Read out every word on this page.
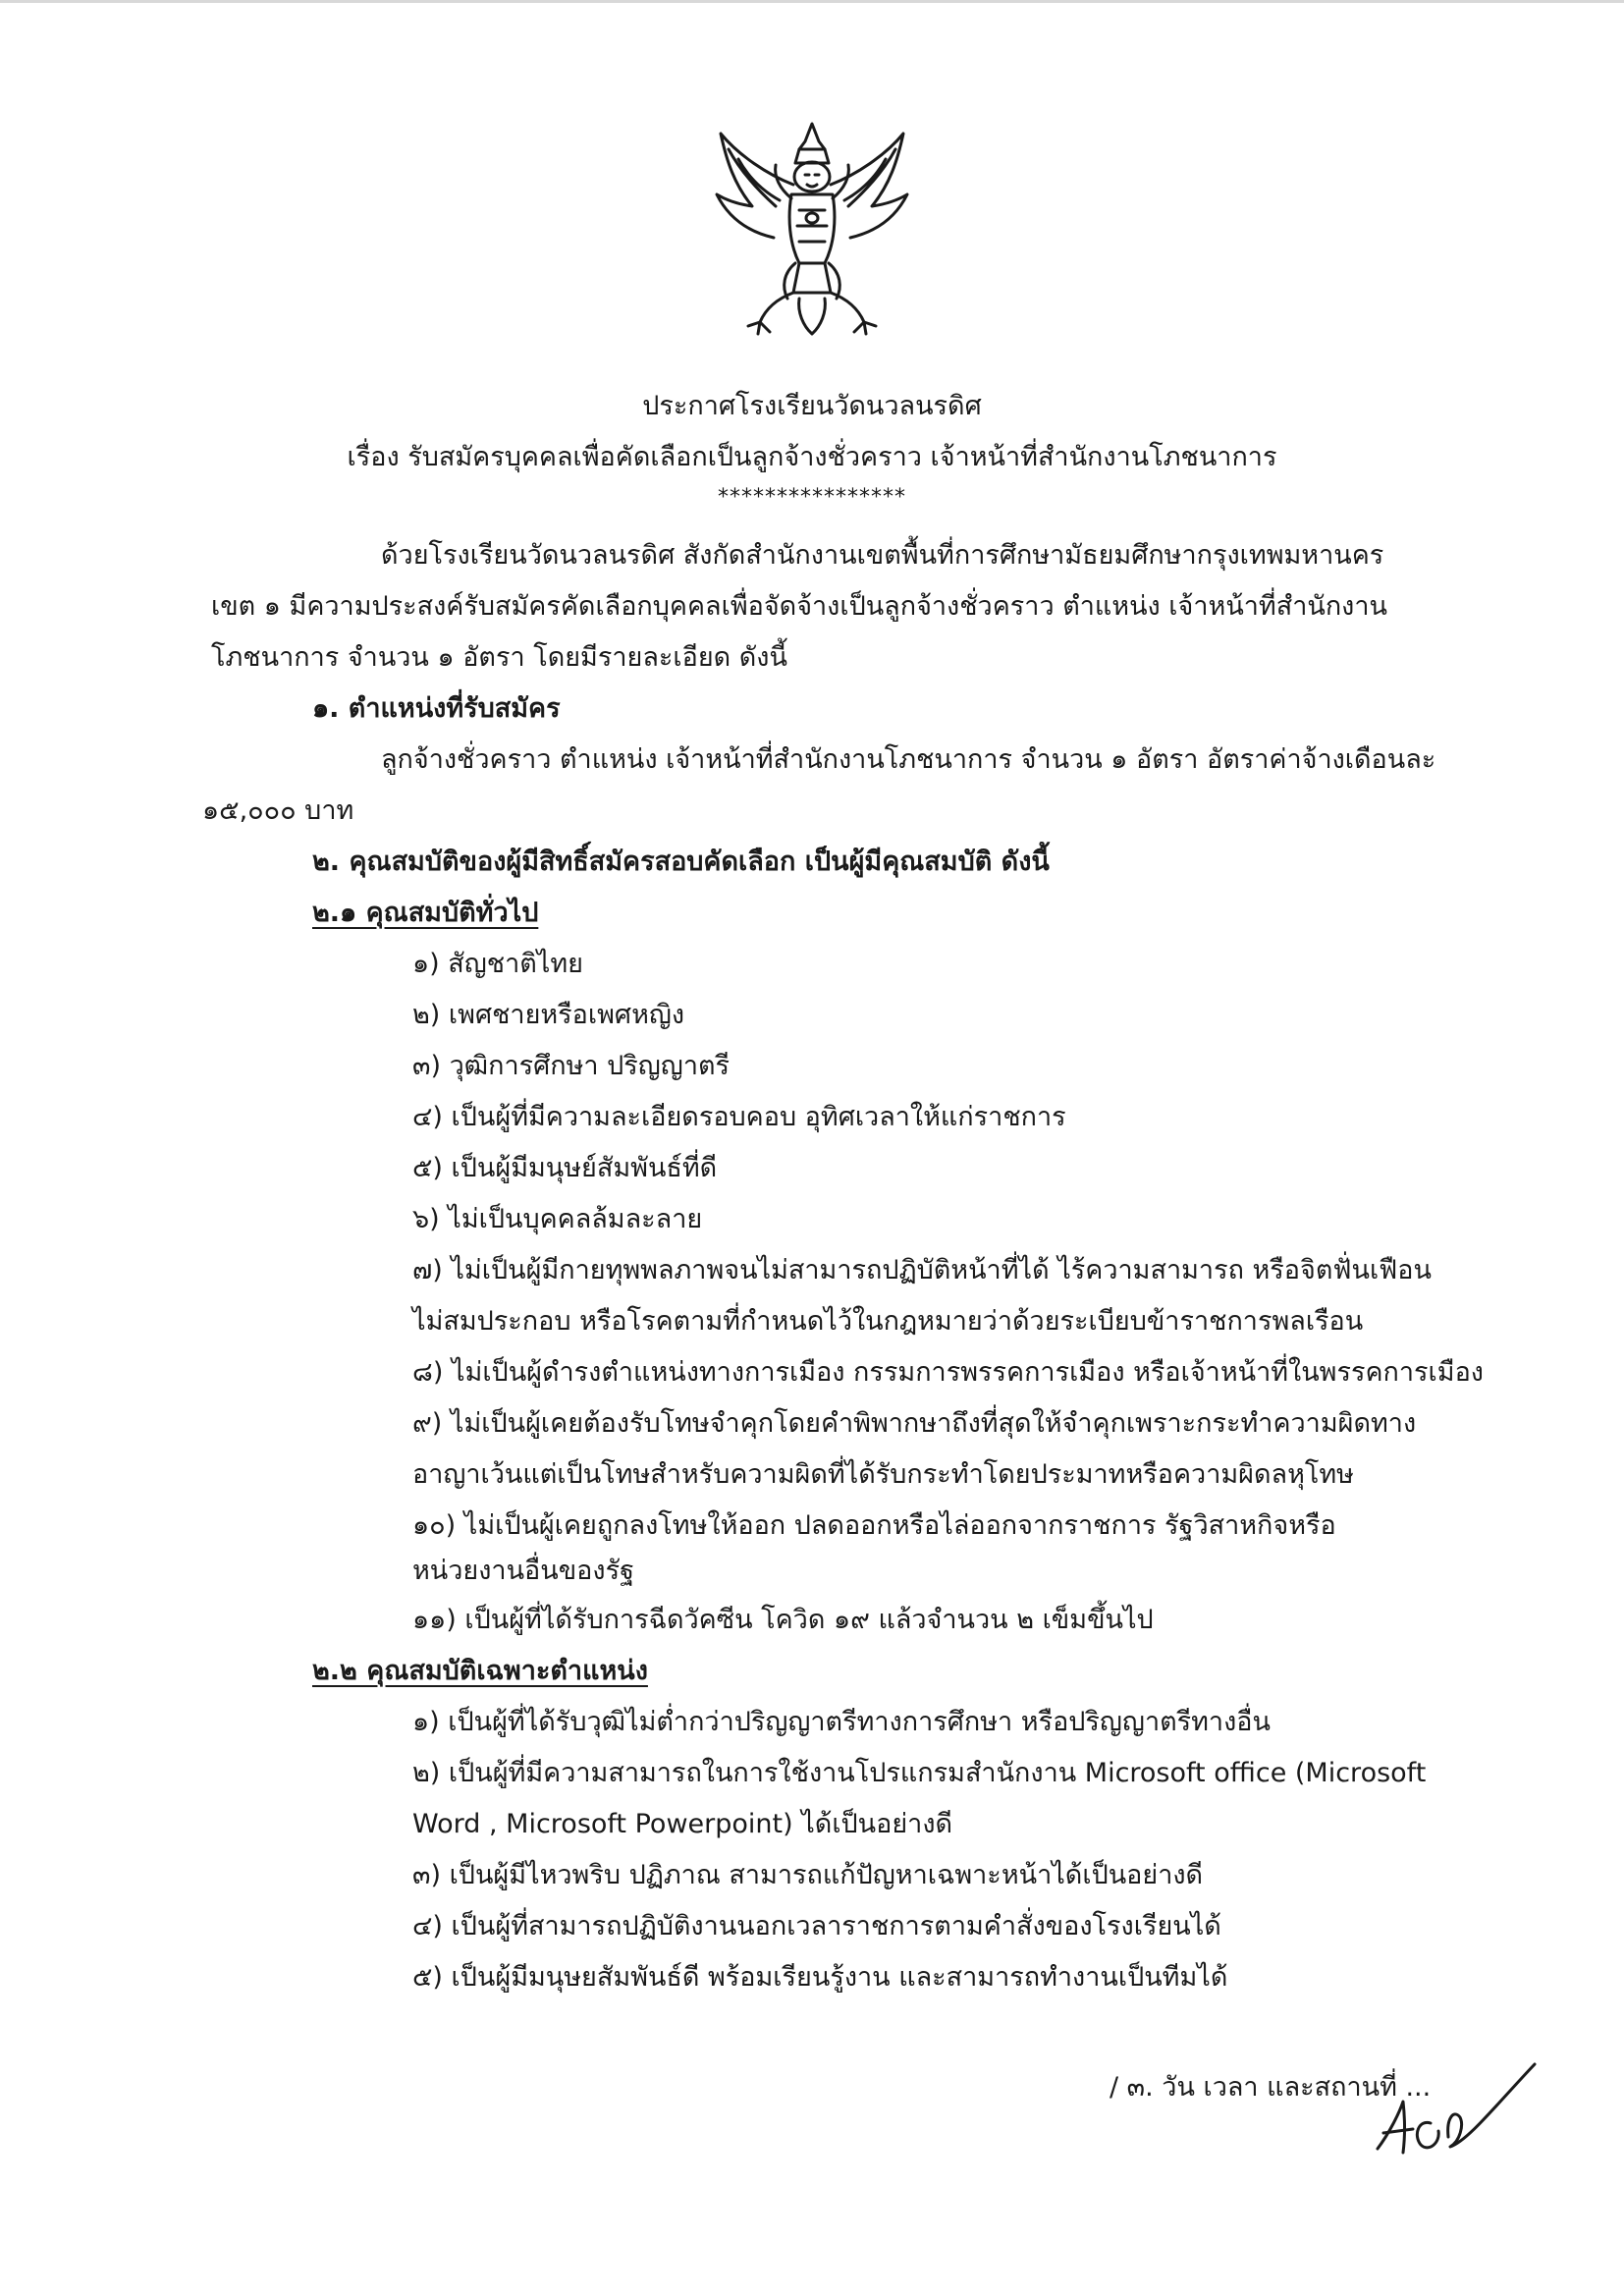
ประกาศโรงเรียนวัดนวลนรดิศ
เรื่อง รับสมัครบุคคลเพื่อคัดเลือกเป็นลูกจ้างชั่วคราว เจ้าหน้าที่สำนักงานโภชนาการ
****************
ด้วยโรงเรียนวัดนวลนรดิศ สังกัดสำนักงานเขตพื้นที่การศึกษามัธยมศึกษากรุงเทพมหานคร
เขต ๑ มีความประสงค์รับสมัครคัดเลือกบุคคลเพื่อจัดจ้างเป็นลูกจ้างชั่วคราว ตำแหน่ง เจ้าหน้าที่สำนักงาน
โภชนาการ จำนวน ๑ อัตรา โดยมีรายละเอียด ดังนี้
๑. ตำแหน่งที่รับสมัคร
ลูกจ้างชั่วคราว ตำแหน่ง เจ้าหน้าที่สำนักงานโภชนาการ จำนวน ๑ อัตรา อัตราค่าจ้างเดือนละ
๑๕,๐๐๐ บาท
๒. คุณสมบัติของผู้มีสิทธิ์สมัครสอบคัดเลือก เป็นผู้มีคุณสมบัติ ดังนี้
๒.๑ คุณสมบัติทั่วไป
๑) สัญชาติไทย
๒) เพศชายหรือเพศหญิง
๓) วุฒิการศึกษา ปริญญาตรี
๔) เป็นผู้ที่มีความละเอียดรอบคอบ อุทิศเวลาให้แก่ราชการ
๕) เป็นผู้มีมนุษย์สัมพันธ์ที่ดี
๖) ไม่เป็นบุคคลล้มละลาย
๗) ไม่เป็นผู้มีกายทุพพลภาพจนไม่สามารถปฏิบัติหน้าที่ได้ ไร้ความสามารถ หรือจิตฟั่นเฟือน
ไม่สมประกอบ หรือโรคตามที่กำหนดไว้ในกฎหมายว่าด้วยระเบียบข้าราชการพลเรือน
๘) ไม่เป็นผู้ดำรงตำแหน่งทางการเมือง กรรมการพรรคการเมือง หรือเจ้าหน้าที่ในพรรคการเมือง
๙) ไม่เป็นผู้เคยต้องรับโทษจำคุกโดยคำพิพากษาถึงที่สุดให้จำคุกเพราะกระทำความผิดทาง
อาญาเว้นแต่เป็นโทษสำหรับความผิดที่ได้รับกระทำโดยประมาทหรือความผิดลหุโทษ
๑๐) ไม่เป็นผู้เคยถูกลงโทษให้ออก ปลดออกหรือไล่ออกจากราชการ รัฐวิสาหกิจหรือ
หน่วยงานอื่นของรัฐ
๑๑) เป็นผู้ที่ได้รับการฉีดวัคซีน โควิด ๑๙ แล้วจำนวน ๒ เข็มขึ้นไป
๒.๒ คุณสมบัติเฉพาะตำแหน่ง
๑) เป็นผู้ที่ได้รับวุฒิไม่ต่ำกว่าปริญญาตรีทางการศึกษา หรือปริญญาตรีทางอื่น
๒) เป็นผู้ที่มีความสามารถในการใช้งานโปรแกรมสำนักงาน Microsoft office (Microsoft
Word , Microsoft Powerpoint) ได้เป็นอย่างดี
๓) เป็นผู้มีไหวพริบ ปฏิภาณ สามารถแก้ปัญหาเฉพาะหน้าได้เป็นอย่างดี
๔) เป็นผู้ที่สามารถปฏิบัติงานนอกเวลาราชการตามคำสั่งของโรงเรียนได้
๕) เป็นผู้มีมนุษยสัมพันธ์ดี พร้อมเรียนรู้งาน และสามารถทำงานเป็นทีมได้
/ ๓. วัน เวลา และสถานที่ ...
